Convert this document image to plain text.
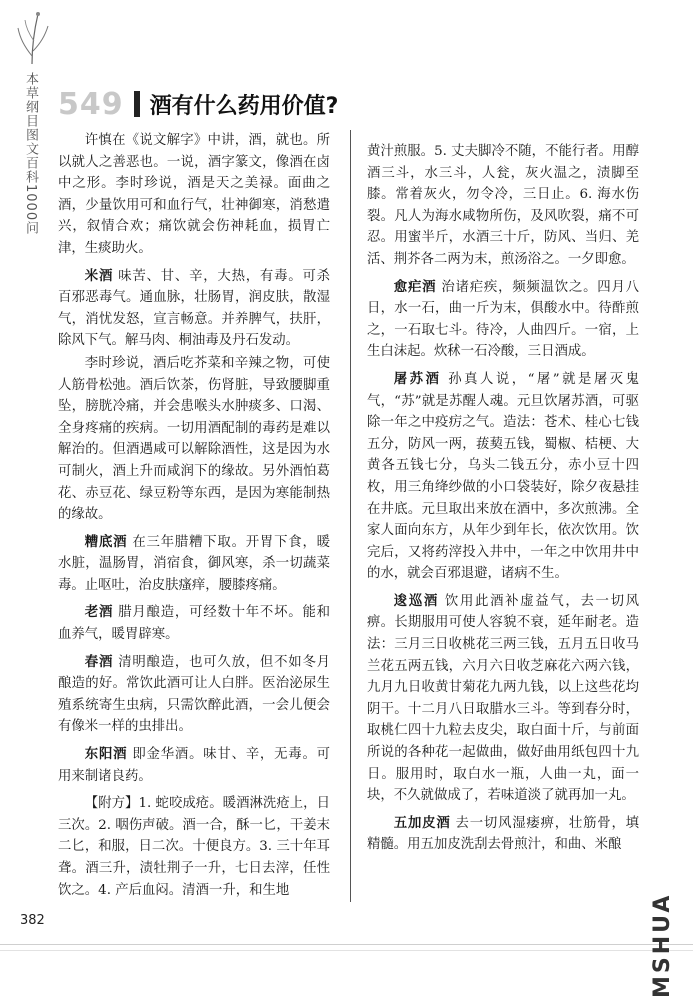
本草纲目图文百科1000问 549 酒有什么药用价值?

许慎在《说文解字》中讲，酒，就也。所以就人之善恶也。一说，酒字篆文，像酒在卤中之形。李时珍说，酒是天之美禄。面曲之酒，少量饮用可和血行气，壮神御寒，消愁遣兴，叙情合欢；痛饮就会伤神耗血，损胃亡津，生痰助火。

米酒 味苦、甘、辛，大热，有毒。可杀百邪恶毒气。通血脉，壮肠胃，润皮肤，散湿气，消忧发怒，宣言畅意。并养脾气，扶肝，除风下气。解马肉、桐油毒及丹石发动。

李时珍说，酒后吃芥菜和辛辣之物，可使人筋骨松弛。酒后饮茶，伤肾脏，导致腰脚重坠，膀胱冷痛，并会患喉头水肿痰多、口渴、全身疼痛的疾病。一切用酒配制的毒药是难以解治的。但酒遇咸可以解除酒性，这是因为水可制火，酒上升而咸润下的缘故。另外酒怕葛花、赤豆花、绿豆粉等东西，是因为寒能制热的缘故。

糟底酒 在三年腊糟下取。开胃下食，暖水脏，温肠胃，消宿食，御风寒，杀一切蔬菜毒。止呕吐，治皮肤瘙痒，腰膝疼痛。

老酒 腊月酿造，可经数十年不坏。能和血养气，暖胃辟寒。

春酒 清明酿造，也可久放，但不如冬月酿造的好。常饮此酒可让人白胖。医治泌尿生殖系统寄生虫病，只需饮醉此酒，一会儿便会有像米一样的虫排出。

东阳酒 即金华酒。味甘、辛，无毒。可用来制诸良药。

【附方】1. 蛇咬成疮。暖酒淋洗疮上，日三次。2. 咽伤声破。酒一合，酥一匕，干姜末二匕，和服，日二次。十便良方。3. 三十年耳聋。酒三升，渍牡荆子一升，七日去滓，任性饮之。4. 产后血闷。清酒一升，和生地

黄汁煎服。5. 丈夫脚冷不随，不能行者。用醇酒三斗，水三斗，人瓮，灰火温之，渍脚至膝。常着灰火，勿令冷，三日止。6. 海水伤裂。凡人为海水咸物所伤，及风吹裂，痛不可忍。用蜜半斤，水酒三十斤，防风、当归、羌活、荆芥各二两为末，煎汤浴之。一夕即愈。

愈疟酒 治诸疟疾，频频温饮之。四月八日，水一石，曲一斤为末，俱酸水中。待酢煎之，一石取七斗。待冷，人曲四斤。一宿，上生白沫起。炊秫一石冷酸，三日酒成。

屠苏酒 孙真人说，“屠”就是屠灭鬼气，“苏”就是苏醒人魂。元旦饮屠苏酒，可驱除一年之中疫疠之气。造法：苍术、桂心七钱五分，防风一两，菝葜五钱，蜀椒、桔梗、大黄各五钱七分，乌头二钱五分，赤小豆十四枚，用三角绛纱做的小口袋装好，除夕夜悬挂在井底。元旦取出来放在酒中，多次煎沸。全家人面向东方，从年少到年长，依次饮用。饮完后，又将药滓投入井中，一年之中饮用井中的水，就会百邪退避，诸病不生。

逡巡酒 饮用此酒补虚益气，去一切风痹。长期服用可使人容貌不衰，延年耐老。造法：三月三日收桃花三两三钱，五月五日收马兰花五两五钱，六月六日收芝麻花六两六钱，九月九日收黄甘菊花九两九钱，以上这些花均阴干。十二月八日取腊水三斗。等到春分时，取桃仁四十九粒去皮尖，取白面十斤，与前面所说的各种花一起做曲，做好曲用纸包四十九日。服用时，取白水一瓶，人曲一丸，面一块，不久就做成了，若味道淡了就再加一丸。

五加皮酒 去一切风湿痿痹，壮筋骨，填精髓。用五加皮洗刮去骨煎汁，和曲、米酿

382	MSHUA
